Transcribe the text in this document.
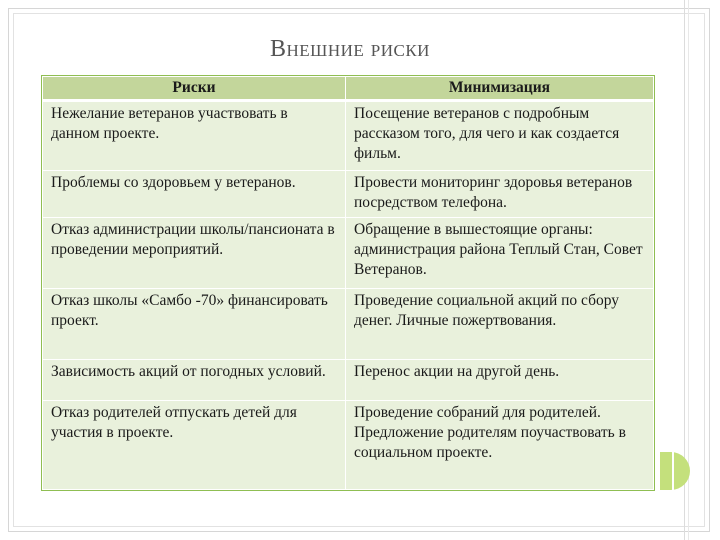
Внешние риски
Риски	Минимизация
Нежелание ветеранов участвовать в данном проекте.	Посещение ветеранов с подробным рассказом того, для чего и как создается фильм.
Проблемы со здоровьем у ветеранов.	Провести мониторинг здоровья ветеранов посредством телефона.
Отказ администрации школы/пансионата в проведении мероприятий.	Обращение в вышестоящие органы: администрация района Теплый Стан, Совет Ветеранов.
Отказ школы «Самбо -70» финансировать проект.	Проведение социальной акций по сбору денег. Личные пожертвования.
Зависимость акций от погодных условий.	Перенос акции на другой день.
Отказ родителей отпускать детей для участия в проекте.	Проведение собраний для родителей. Предложение родителям поучаствовать в социальном проекте.
